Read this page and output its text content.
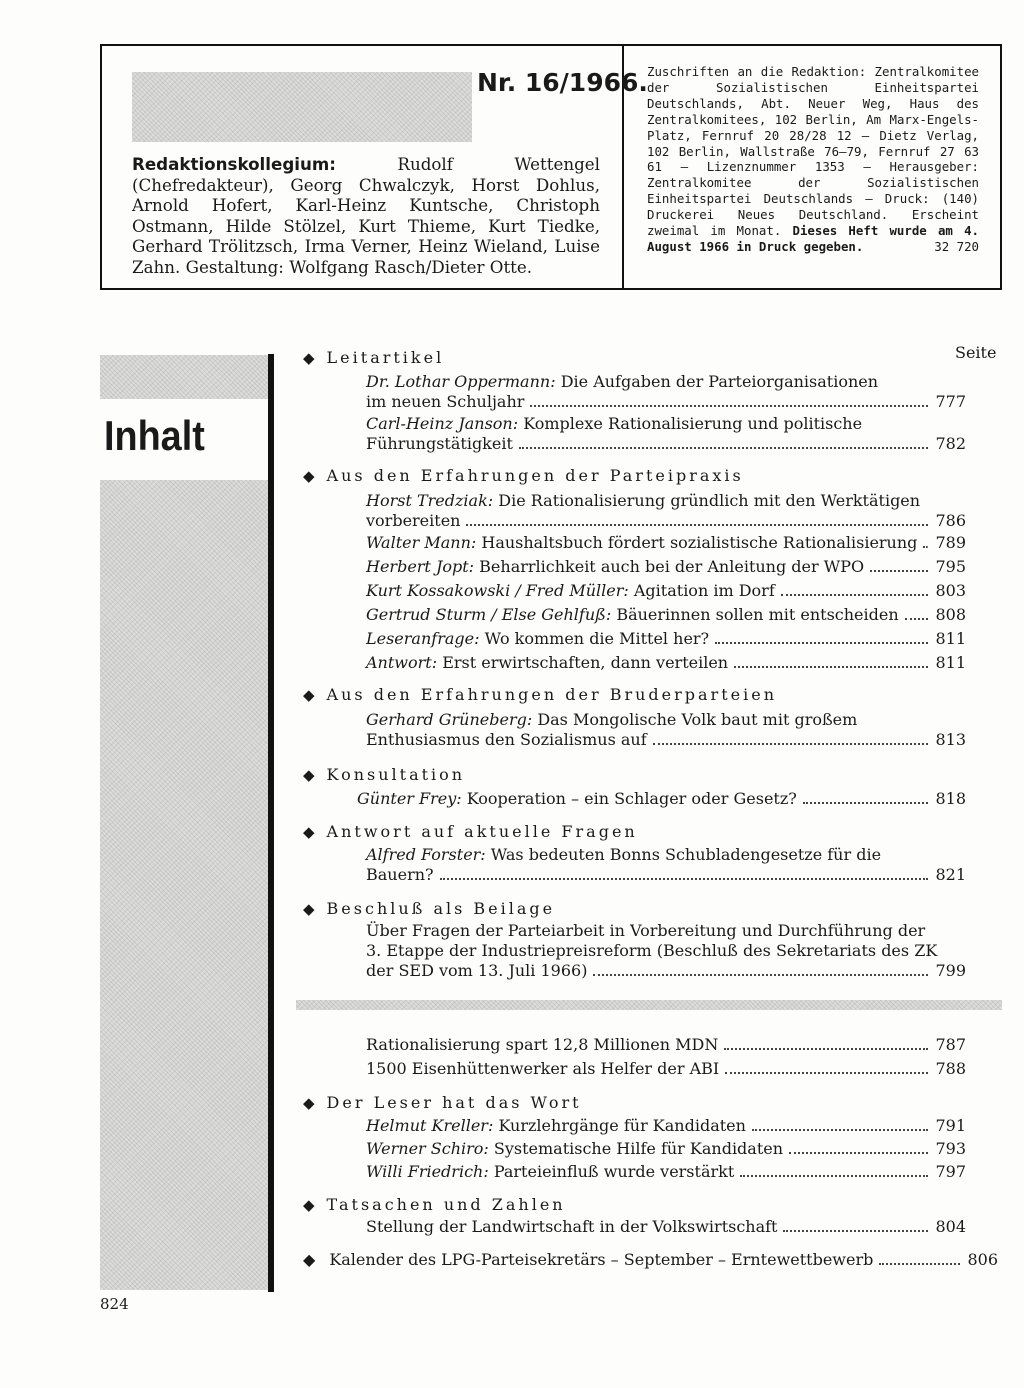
Nr. 16/1966.
Redaktionskollegium:	Rudolf Wettengel (Chefredakteur), Georg Chwalczyk, Horst Dohlus, Arnold Hofert, Karl-Heinz Kuntsche, Christoph Ostmann, Hilde Stölzel, Kurt Thieme, Kurt Tiedke, Gerhard Trölitzsch, Irma Verner, Heinz Wieland, Luise Zahn. Gestaltung: Wolfgang Rasch/Dieter Otte.
Zuschriften an die Redaktion: Zentralkomitee der Sozialistischen Einheitspartei Deutschlands, Abt. Neuer Weg, Haus des Zentralkomitees, 102 Berlin, Am Marx-Engels-Platz, Fernruf 20 28/28 12 – Dietz Verlag, 102 Berlin, Wallstraße 76–79, Fernruf 27 63 61 – Lizenznummer 1353 – Herausgeber: Zentralkomitee der Sozialistischen Einheitspartei Deutschlands – Druck: (140) Druckerei Neues Deutschland. Erscheint zweimal im Monat. Dieses Heft wurde am 4. August 1966 in Druck gegeben.	32 720
Inhalt
Seite
◆ Leitartikel
Dr. Lothar Oppermann: Die Aufgaben der Parteiorganisationen
im neuen Schuljahr	777
Carl-Heinz Janson: Komplexe Rationalisierung und politische
Führungstätigkeit	782
◆ Aus den Erfahrungen der Parteipraxis
Horst Tredziak: Die Rationalisierung gründlich mit den Werktätigen
vorbereiten	786
Walter Mann: Haushaltsbuch fördert sozialistische Rationalisierung 789
Herbert Jopt: Beharrlichkeit auch bei der Anleitung der WPO	795
Kurt Kossakowski / Fred Müller: Agitation im Dorf	803
Gertrud Sturm / Else Gehlfuß: Bäuerinnen sollen mit entscheiden 808
Leseranfrage: Wo kommen die Mittel her?	811
Antwort: Erst erwirtschaften, dann verteilen	811
◆ Aus den Erfahrungen der Bruderparteien
Gerhard Grüneberg: Das Mongolische Volk baut mit großem
Enthusiasmus den Sozialismus auf	813
◆ Konsultation
Günter Frey: Kooperation – ein Schlager oder Gesetz?	818
◆ Antwort auf aktuelle Fragen
Alfred Forster: Was bedeuten Bonns Schubladengesetze für die
Bauern?	821
◆ Beschluß als Beilage
Über Fragen der Parteiarbeit in Vorbereitung und Durchführung der
3. Etappe der Industriepreisreform (Beschluß des Sekretariats des ZK
der SED vom 13. Juli 1966)	799
Rationalisierung spart 12,8 Millionen MDN	787
1500 Eisenhüttenwerker als Helfer der ABI	788
◆ Der Leser hat das Wort
Helmut Kreller: Kurzlehrgänge für Kandidaten	791
Werner Schiro: Systematische Hilfe für Kandidaten	793
Willi Friedrich: Parteieinfluß wurde verstärkt	797
◆ Tatsachen und Zahlen
Stellung der Landwirtschaft in der Volkswirtschaft	804
◆ Kalender des LPG-Parteisekretärs – September – Erntewettbewerb	806
824
